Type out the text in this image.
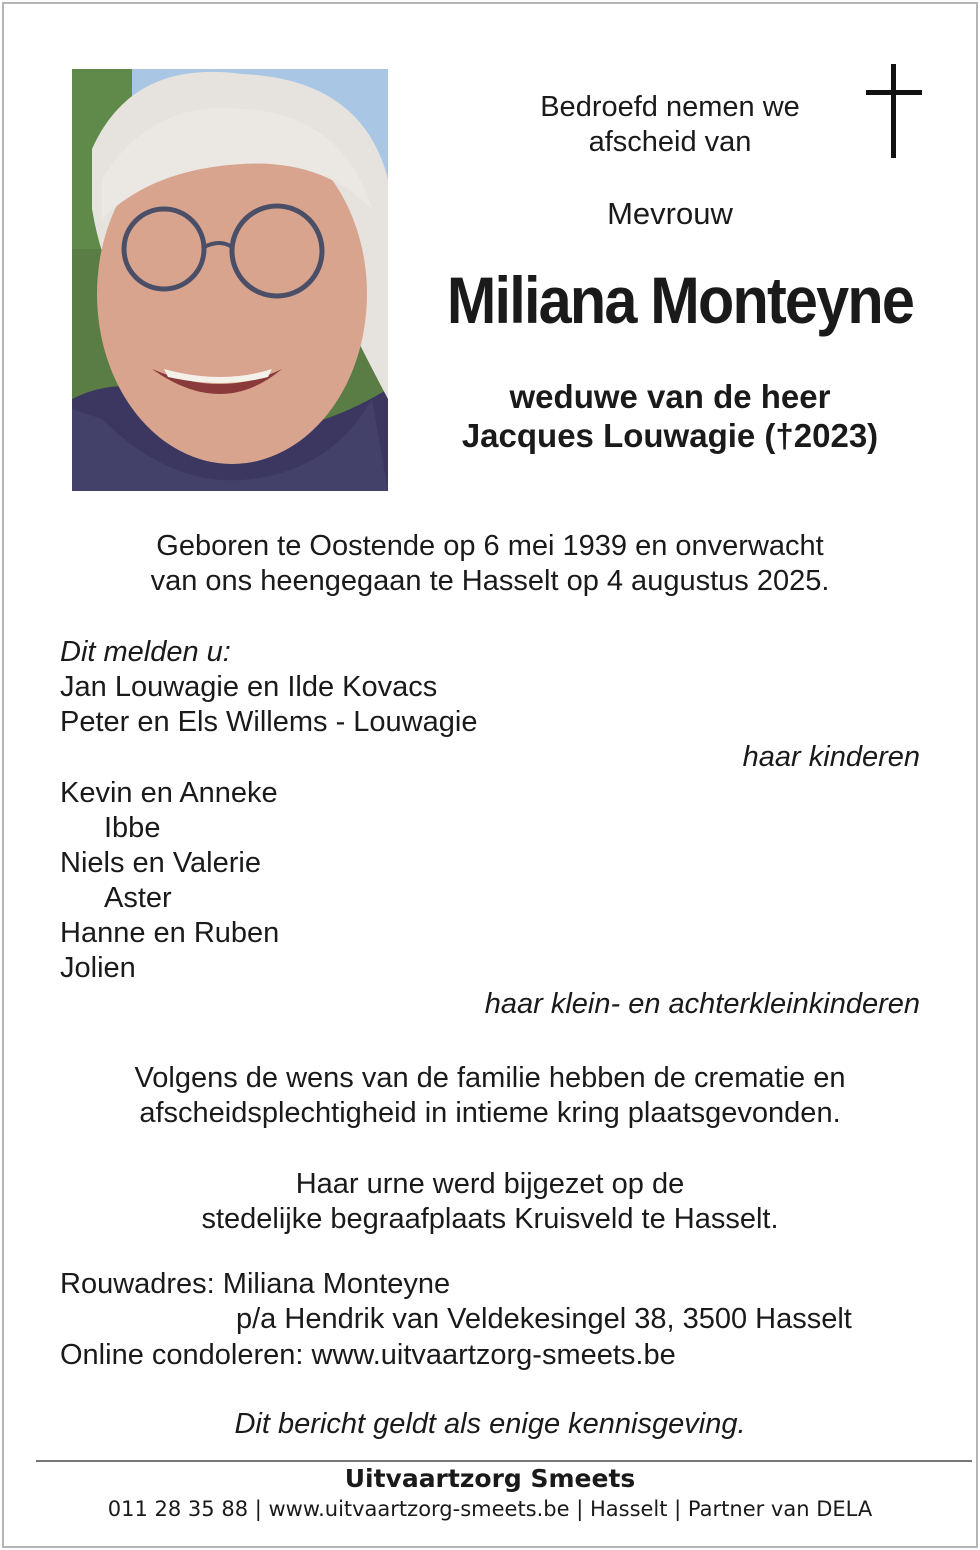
Bedroefd nemen we
afscheid van
Mevrouw
Miliana Monteyne
weduwe van de heer
Jacques Louwagie (†2023)
Geboren te Oostende op 6 mei 1939 en onverwacht
van ons heengegaan te Hasselt op 4 augustus 2025.
Dit melden u:
Jan Louwagie en Ilde Kovacs
Peter en Els Willems - Louwagie
haar kinderen
Kevin en Anneke
Ibbe
Niels en Valerie
Aster
Hanne en Ruben
Jolien
haar klein- en achterkleinkinderen
Volgens de wens van de familie hebben de crematie en
afscheidsplechtigheid in intieme kring plaatsgevonden.
Haar urne werd bijgezet op de
stedelijke begraafplaats Kruisveld te Hasselt.
Rouwadres: Miliana Monteyne
p/a Hendrik van Veldekesingel 38, 3500 Hasselt
Online condoleren: www.uitvaartzorg-smeets.be
Dit bericht geldt als enige kennisgeving.
Uitvaartzorg Smeets
011 28 35 88 | www.uitvaartzorg-smeets.be | Hasselt | Partner van DELA
